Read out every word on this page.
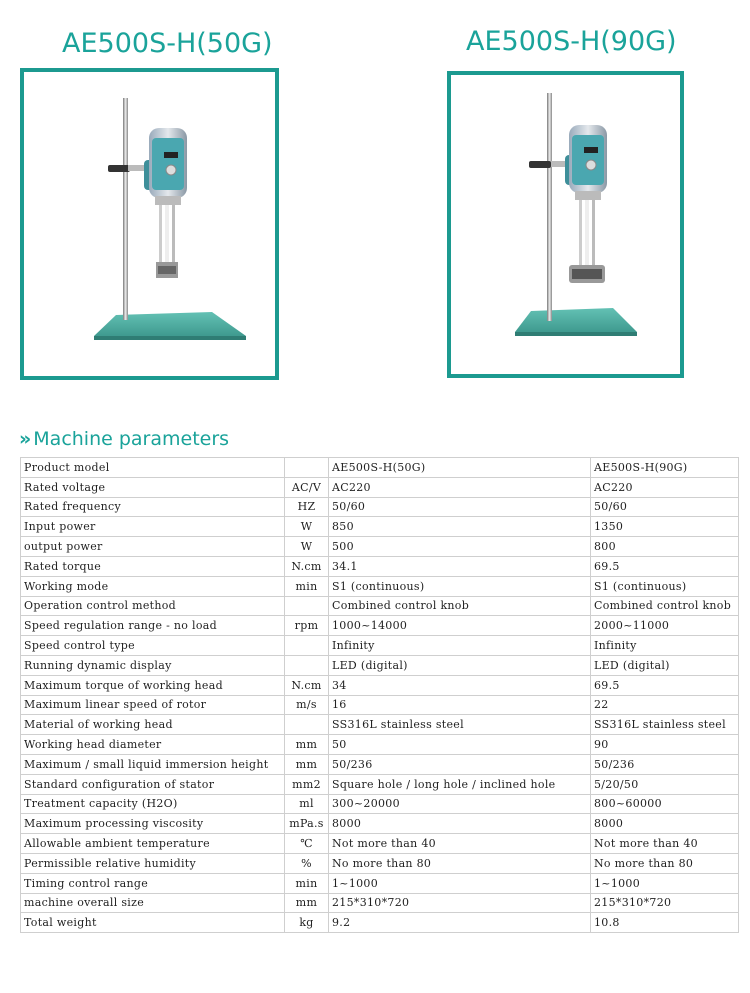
AE500S-H(50G)	AE500S-H(90G)
» Machine parameters
Product model		AE500S-H(50G)	AE500S-H(90G)
Rated voltage	AC/V	AC220	AC220
Rated frequency	HZ	50/60	50/60
Input power	W	850	1350
output power	W	500	800
Rated torque	N.cm	34.1	69.5
Working mode	min	S1 (continuous)	S1 (continuous)
Operation control method		Combined control knob	Combined control knob
Speed regulation range - no load	rpm	1000~14000	2000~11000
Speed control type		Infinity	Infinity
Running dynamic display		LED (digital)	LED (digital)
Maximum torque of working head	N.cm	34	69.5
Maximum linear speed of rotor	m/s	16	22
Material of working head		SS316L stainless steel	SS316L stainless steel
Working head diameter	mm	50	90
Maximum / small liquid immersion height	mm	50/236	50/236
Standard configuration of stator	mm2	Square hole / long hole / inclined hole	5/20/50
Treatment capacity (H2O)	ml	300~20000	800~60000
Maximum processing viscosity	mPa.s	8000	8000
Allowable ambient temperature	℃	Not more than 40	Not more than 40
Permissible relative humidity	%	No more than 80	No more than 80
Timing control range	min	1~1000	1~1000
machine overall size	mm	215*310*720	215*310*720
Total weight	kg	9.2	10.8
